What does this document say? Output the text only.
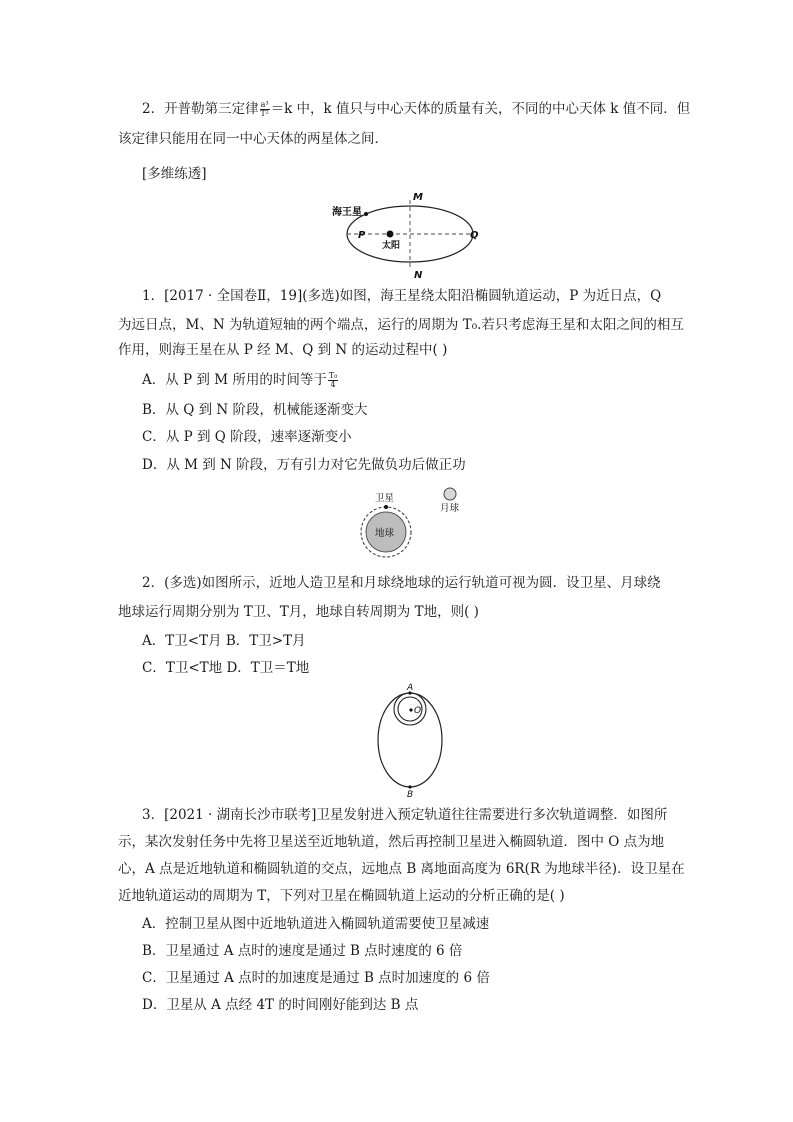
2．开普勒第三定律 $\frac{\text{a³}}{\text{T²}} =k$ 中，k 值只与中心天体的质量有关，不同的中心天体 k 值不同．但
该定律只能用在同一中心天体的两星体之间．
[多维练透]
海王星
太阳
M
N
P	Q
1．[2017 · 全国卷Ⅱ，19](多选)如图，海王星绕太阳沿椭圆轨道运动，P 为近日点，Q
为远日点，M、N 为轨道短轴的两个端点，运行的周期为 T₀.若只考虑海王星和太阳之间的相互
作用，则海王星在从 P 经 M、Q 到 N 的运动过程中( )
A．从 P 到 M 所用的时间等于 $\frac{\text{T₀}}{4}$
B．从 Q 到 N 阶段，机械能逐渐变大
C．从 P 到 Q 阶段，速率逐渐变小
D．从 M 到 N 阶段，万有引力对它先做负功后做正功
卫星
月球
地球
2．(多选)如图所示，近地人造卫星和月球绕地球的运行轨道可视为圆．设卫星、月球绕
地球运行周期分别为 T卫、T月，地球自转周期为 T地，则( )
A．T卫<T月 B．T卫>T月
C．T卫<T地 D．T卫＝T地
A
O
B
3．[2021 · 湖南长沙市联考]卫星发射进入预定轨道往往需要进行多次轨道调整．如图所
示，某次发射任务中先将卫星送至近地轨道，然后再控制卫星进入椭圆轨道．图中 O 点为地
心，A 点是近地轨道和椭圆轨道的交点，远地点 B 离地面高度为 6R(R 为地球半径)．设卫星在
近地轨道运动的周期为 T，下列对卫星在椭圆轨道上运动的分析正确的是( )
A．控制卫星从图中近地轨道进入椭圆轨道需要使卫星减速
B．卫星通过 A 点时的速度是通过 B 点时速度的 6 倍
C．卫星通过 A 点时的加速度是通过 B 点时加速度的 6 倍
D．卫星从 A 点经 4T 的时间刚好能到达 B 点
